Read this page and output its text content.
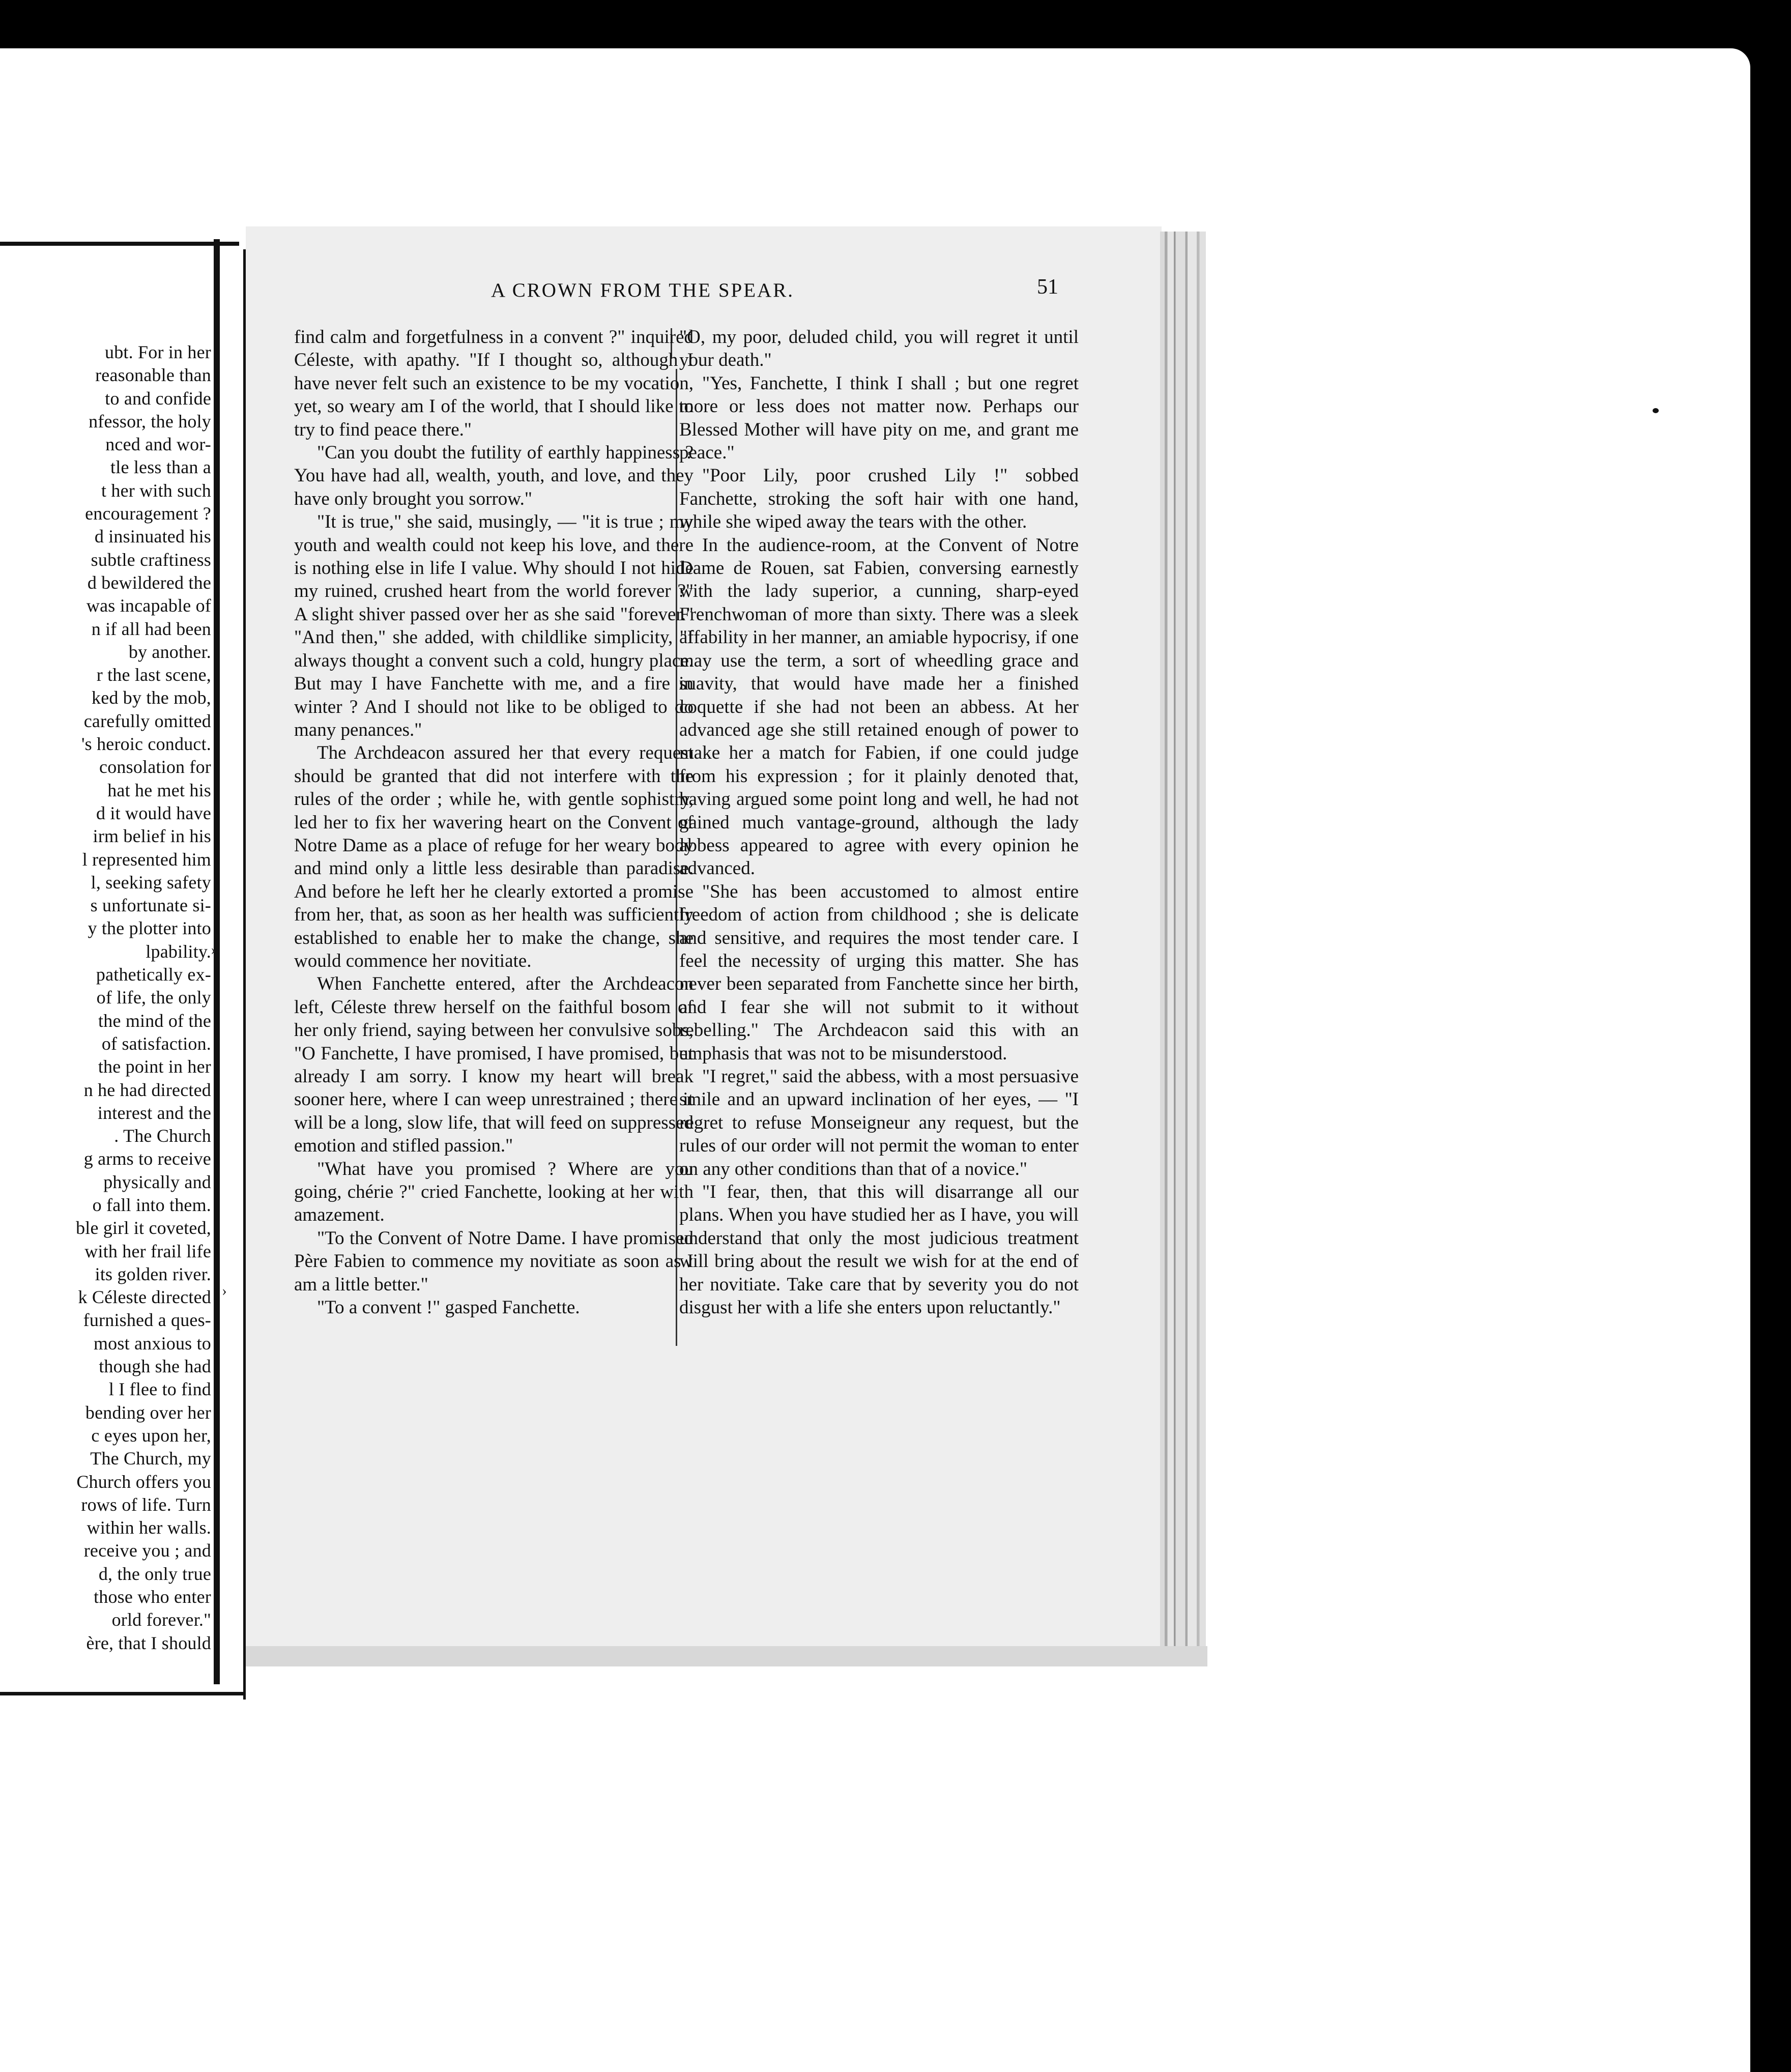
ubt. For in her
reasonable than
to and confide
nfessor, the holy
nced and wor-
tle less than a
t her with such
encouragement ?
d insinuated his
subtle craftiness
d bewildered the
was incapable of
n if all had been
by another.
r the last scene,
ked by the mob,
carefully omitted
's heroic conduct.
consolation for
hat he met his
d it would have
irm belief in his
l represented him
l, seeking safety
s unfortunate si-
y the plotter into
lpability.
pathetically ex-
of life, the only
the mind of the
of satisfaction.
the point in her
n he had directed
interest and the
. The Church
g arms to receive
physically and
o fall into them.
ble girl it coveted,
with her frail life
its golden river.
k Céleste directed
furnished a ques-
most anxious to
though she had
l I flee to find
bending over her
c eyes upon her,
The Church, my
Church offers you
rows of life. Turn
within her walls.
receive you ; and
d, the only true
those who enter
orld forever."
ère, that I should
›
›
A CROWN FROM THE SPEAR.	51

find calm and forgetfulness in a convent ?" inquired Céleste, with apathy. "If I thought so, although I have never felt such an existence to be my vocation, yet, so weary am I of the world, that I should like to try to find peace there."

"Can you doubt the futility of earthly happiness ? You have had all, wealth, youth, and love, and they have only brought you sorrow."

"It is true," she said, musingly, — "it is true ; my youth and wealth could not keep his love, and there is nothing else in life I value. Why should I not hide my ruined, crushed heart from the world forever ?" A slight shiver passed over her as she said "forever." "And then," she added, with childlike simplicity, "I always thought a convent such a cold, hungry place. But may I have Fanchette with me, and a fire in winter ? And I should not like to be obliged to do many penances."

The Archdeacon assured her that every request should be granted that did not interfere with the rules of the order ; while he, with gentle sophistry, led her to fix her wavering heart on the Convent of Notre Dame as a place of refuge for her weary body and mind only a little less desirable than paradise. And before he left her he clearly extorted a promise from her, that, as soon as her health was sufficiently established to enable her to make the change, she would commence her novitiate.

When Fanchette entered, after the Archdeacon left, Céleste threw herself on the faithful bosom of her only friend, saying between her convulsive sobs, "O Fanchette, I have promised, I have promised, but already I am sorry. I know my heart will break sooner here, where I can weep unrestrained ; there it will be a long, slow life, that will feed on suppressed emotion and stifled passion."

"What have you promised ? Where are you going, chérie ?" cried Fanchette, looking at her with amazement.

"To the Convent of Notre Dame. I have promised Père Fabien to commence my novitiate as soon as I am a little better."

"To a convent !" gasped Fanchette.

"O, my poor, deluded child, you will regret it until your death."

"Yes, Fanchette, I think I shall ; but one regret more or less does not matter now. Perhaps our Blessed Mother will have pity on me, and grant me peace."

"Poor Lily, poor crushed Lily !" sobbed Fanchette, stroking the soft hair with one hand, while she wiped away the tears with the other.

In the audience-room, at the Convent of Notre Dame de Rouen, sat Fabien, conversing earnestly with the lady superior, a cunning, sharp-eyed Frenchwoman of more than sixty. There was a sleek affability in her manner, an amiable hypocrisy, if one may use the term, a sort of wheedling grace and suavity, that would have made her a finished coquette if she had not been an abbess. At her advanced age she still retained enough of power to make her a match for Fabien, if one could judge from his expression ; for it plainly denoted that, having argued some point long and well, he had not gained much vantage-ground, although the lady abbess appeared to agree with every opinion he advanced.

"She has been accustomed to almost entire freedom of action from childhood ; she is delicate and sensitive, and requires the most tender care. I feel the necessity of urging this matter. She has never been separated from Fanchette since her birth, and I fear she will not submit to it without rebelling." The Archdeacon said this with an emphasis that was not to be misunderstood.

"I regret," said the abbess, with a most persuasive smile and an upward inclination of her eyes, — "I regret to refuse Monseigneur any request, but the rules of our order will not permit the woman to enter on any other conditions than that of a novice."

"I fear, then, that this will disarrange all our plans. When you have studied her as I have, you will understand that only the most judicious treatment will bring about the result we wish for at the end of her novitiate. Take care that by severity you do not disgust her with a life she enters upon reluctantly."
